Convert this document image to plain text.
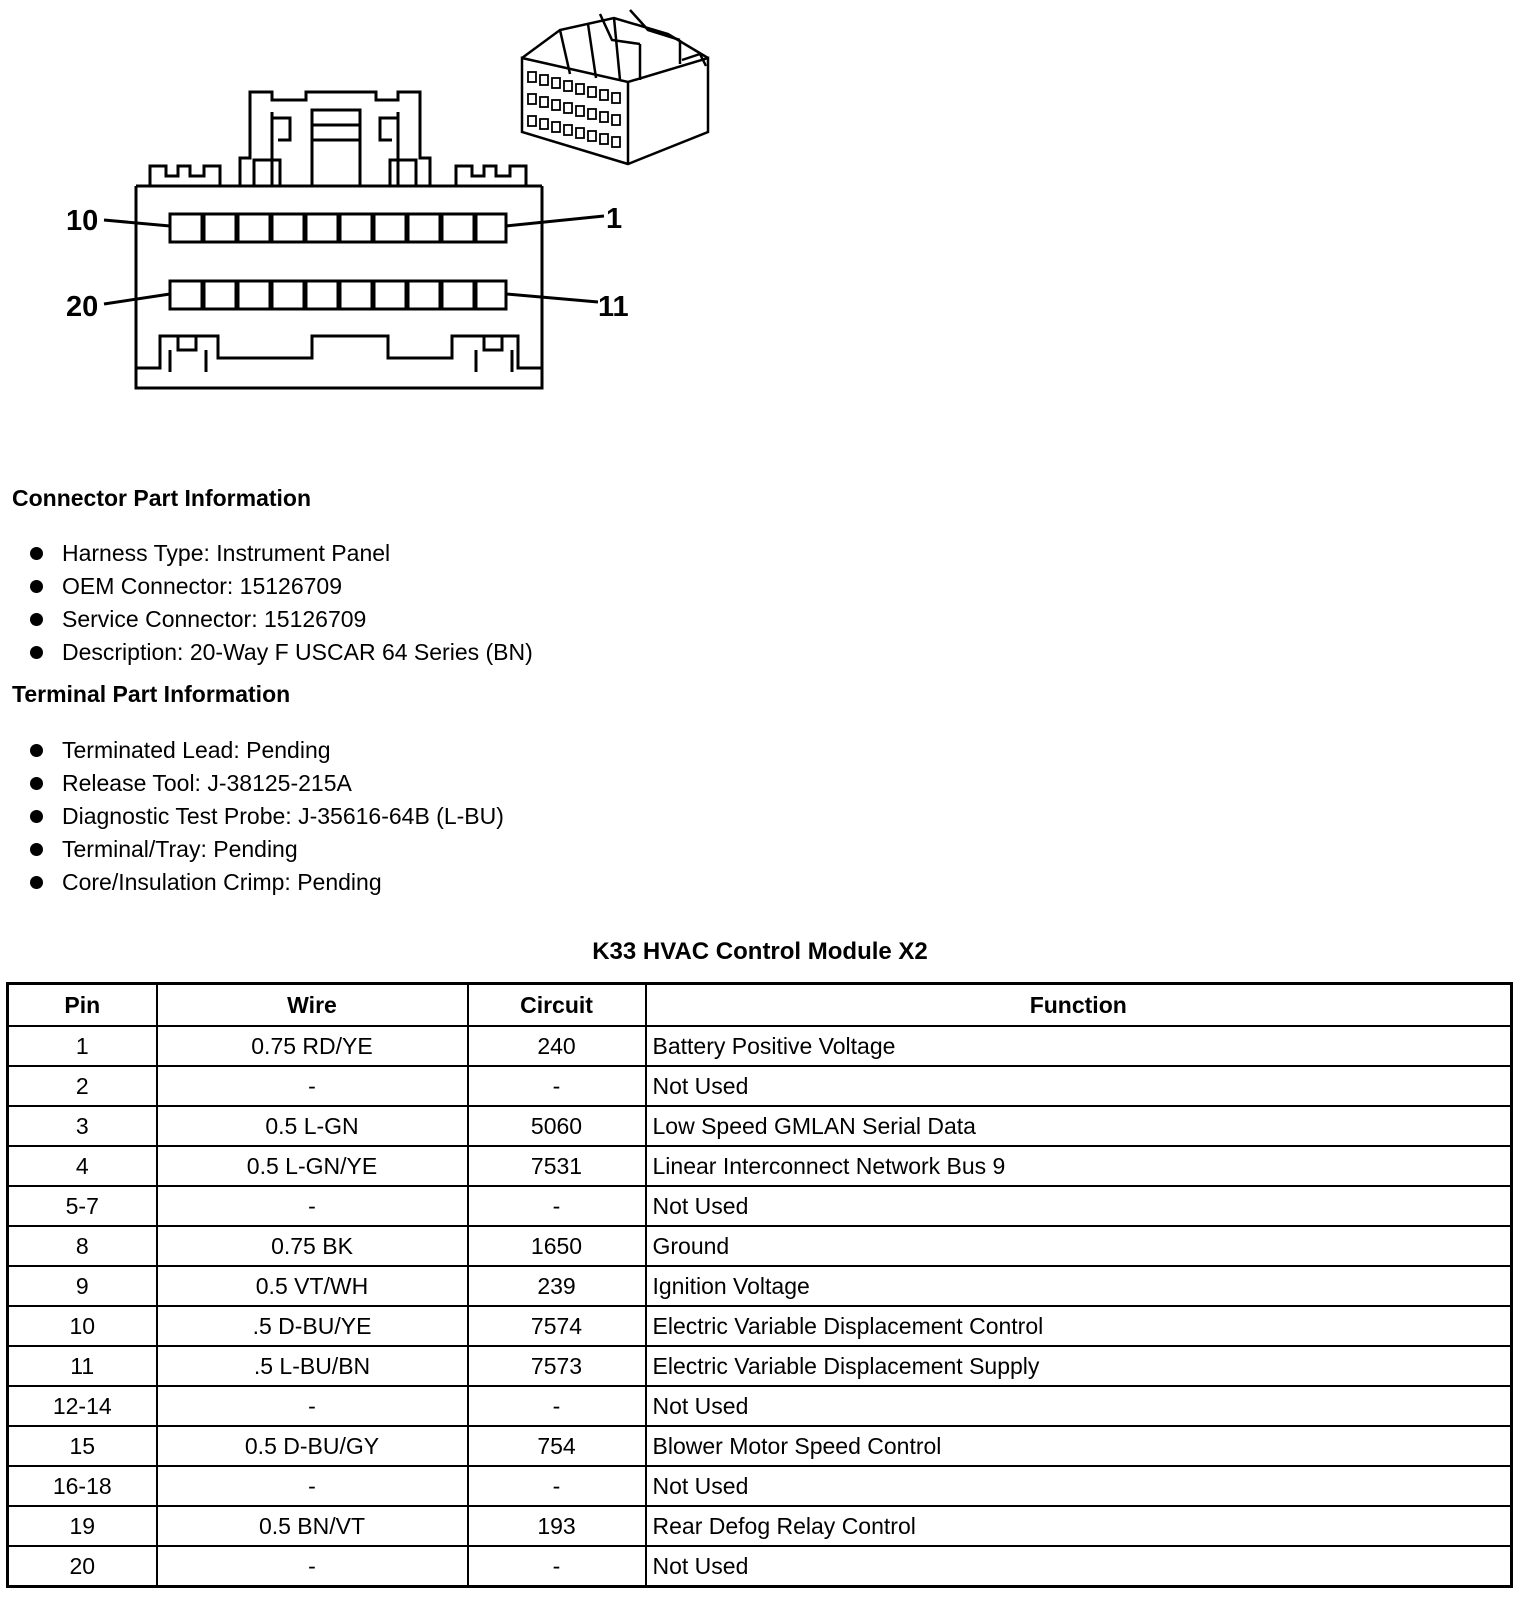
10	1
20	11
Connector Part Information
Harness Type: Instrument Panel
OEM Connector: 15126709
Service Connector: 15126709
Description: 20-Way F USCAR 64 Series (BN)
Terminal Part Information
Terminated Lead: Pending
Release Tool: J-38125-215A
Diagnostic Test Probe: J-35616-64B (L-BU)
Terminal/Tray: Pending
Core/Insulation Crimp: Pending
K33 HVAC Control Module X2
Pin	Wire	Circuit	Function
1	0.75 RD/YE	240	Battery Positive Voltage
2	-	-	Not Used
3	0.5 L-GN	5060	Low Speed GMLAN Serial Data
4	0.5 L-GN/YE	7531	Linear Interconnect Network Bus 9
5-7	-	-	Not Used
8	0.75 BK	1650	Ground
9	0.5 VT/WH	239	Ignition Voltage
10	.5 D-BU/YE	7574	Electric Variable Displacement Control
11	.5 L-BU/BN	7573	Electric Variable Displacement Supply
12-14	-	-	Not Used
15	0.5 D-BU/GY	754	Blower Motor Speed Control
16-18	-	-	Not Used
19	0.5 BN/VT	193	Rear Defog Relay Control
20	-	-	Not Used
